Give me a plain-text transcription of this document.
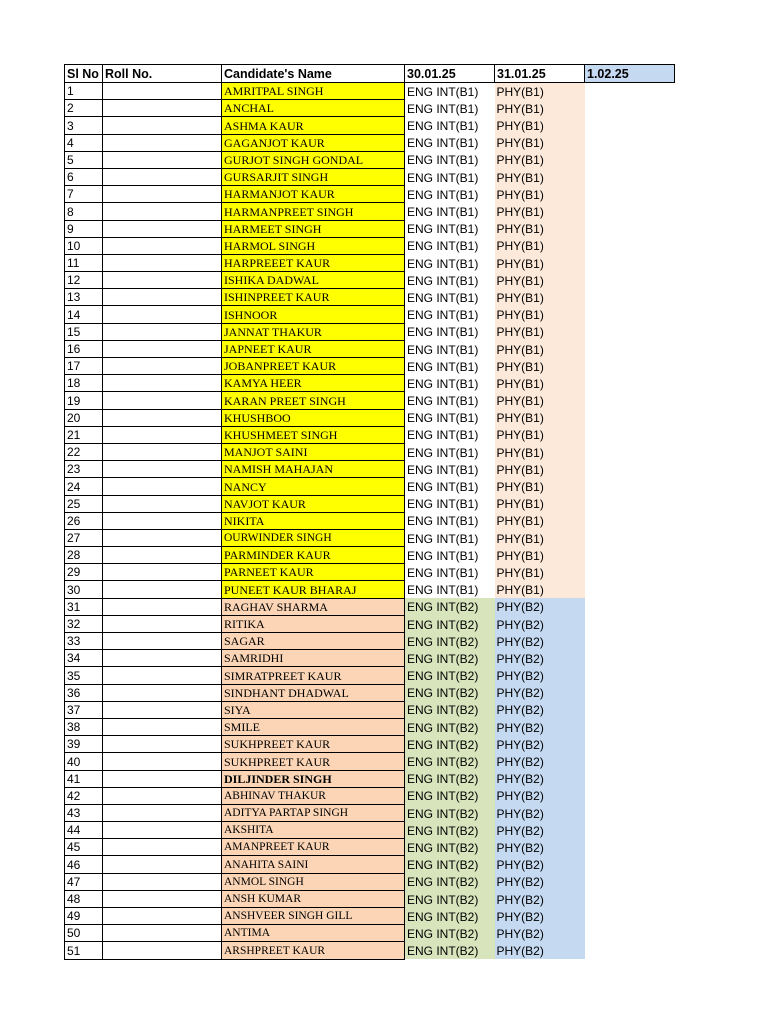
Sl No	Roll No.	Candidate's Name	30.01.25	31.01.25	1.02.25
1		AMRITPAL SINGH	ENG INT(B1)	PHY(B1)	
2		ANCHAL	ENG INT(B1)	PHY(B1)	
3		ASHMA KAUR	ENG INT(B1)	PHY(B1)	
4		GAGANJOT KAUR	ENG INT(B1)	PHY(B1)	
5		GURJOT SINGH GONDAL	ENG INT(B1)	PHY(B1)	
6		GURSARJIT SINGH	ENG INT(B1)	PHY(B1)	
7		HARMANJOT KAUR	ENG INT(B1)	PHY(B1)	
8		HARMANPREET SINGH	ENG INT(B1)	PHY(B1)	
9		HARMEET SINGH	ENG INT(B1)	PHY(B1)	
10		HARMOL SINGH	ENG INT(B1)	PHY(B1)	
11		HARPREEET KAUR	ENG INT(B1)	PHY(B1)	
12		ISHIKA DADWAL	ENG INT(B1)	PHY(B1)	
13		ISHINPREET KAUR	ENG INT(B1)	PHY(B1)	
14		ISHNOOR	ENG INT(B1)	PHY(B1)	
15		JANNAT THAKUR	ENG INT(B1)	PHY(B1)	
16		JAPNEET KAUR	ENG INT(B1)	PHY(B1)	
17		JOBANPREET KAUR	ENG INT(B1)	PHY(B1)	
18		KAMYA HEER	ENG INT(B1)	PHY(B1)	
19		KARAN PREET SINGH	ENG INT(B1)	PHY(B1)	
20		KHUSHBOO	ENG INT(B1)	PHY(B1)	
21		KHUSHMEET SINGH	ENG INT(B1)	PHY(B1)	
22		MANJOT SAINI	ENG INT(B1)	PHY(B1)	
23		NAMISH MAHAJAN	ENG INT(B1)	PHY(B1)	
24		NANCY	ENG INT(B1)	PHY(B1)	
25		NAVJOT KAUR	ENG INT(B1)	PHY(B1)	
26		NIKITA	ENG INT(B1)	PHY(B1)	
27		OURWINDER SINGH	ENG INT(B1)	PHY(B1)	
28		PARMINDER KAUR	ENG INT(B1)	PHY(B1)	
29		PARNEET KAUR	ENG INT(B1)	PHY(B1)	
30		PUNEET KAUR BHARAJ	ENG INT(B1)	PHY(B1)	
31		RAGHAV SHARMA	ENG INT(B2)	PHY(B2)	
32		RITIKA	ENG INT(B2)	PHY(B2)	
33		SAGAR	ENG INT(B2)	PHY(B2)	
34		SAMRIDHI	ENG INT(B2)	PHY(B2)	
35		SIMRATPREET KAUR	ENG INT(B2)	PHY(B2)	
36		SINDHANT DHADWAL	ENG INT(B2)	PHY(B2)	
37		SIYA	ENG INT(B2)	PHY(B2)	
38		SMILE	ENG INT(B2)	PHY(B2)	
39		SUKHPREET KAUR	ENG INT(B2)	PHY(B2)	
40		SUKHPREET KAUR	ENG INT(B2)	PHY(B2)	
41		DILJINDER SINGH	ENG INT(B2)	PHY(B2)	
42		ABHINAV THAKUR	ENG INT(B2)	PHY(B2)	
43		ADITYA PARTAP SINGH	ENG INT(B2)	PHY(B2)	
44		AKSHITA	ENG INT(B2)	PHY(B2)	
45		AMANPREET KAUR	ENG INT(B2)	PHY(B2)	
46		ANAHITA SAINI	ENG INT(B2)	PHY(B2)	
47		ANMOL SINGH	ENG INT(B2)	PHY(B2)	
48		ANSH KUMAR	ENG INT(B2)	PHY(B2)	
49		ANSHVEER SINGH GILL	ENG INT(B2)	PHY(B2)	
50		ANTIMA	ENG INT(B2)	PHY(B2)	
51		ARSHPREET KAUR	ENG INT(B2)	PHY(B2)	
